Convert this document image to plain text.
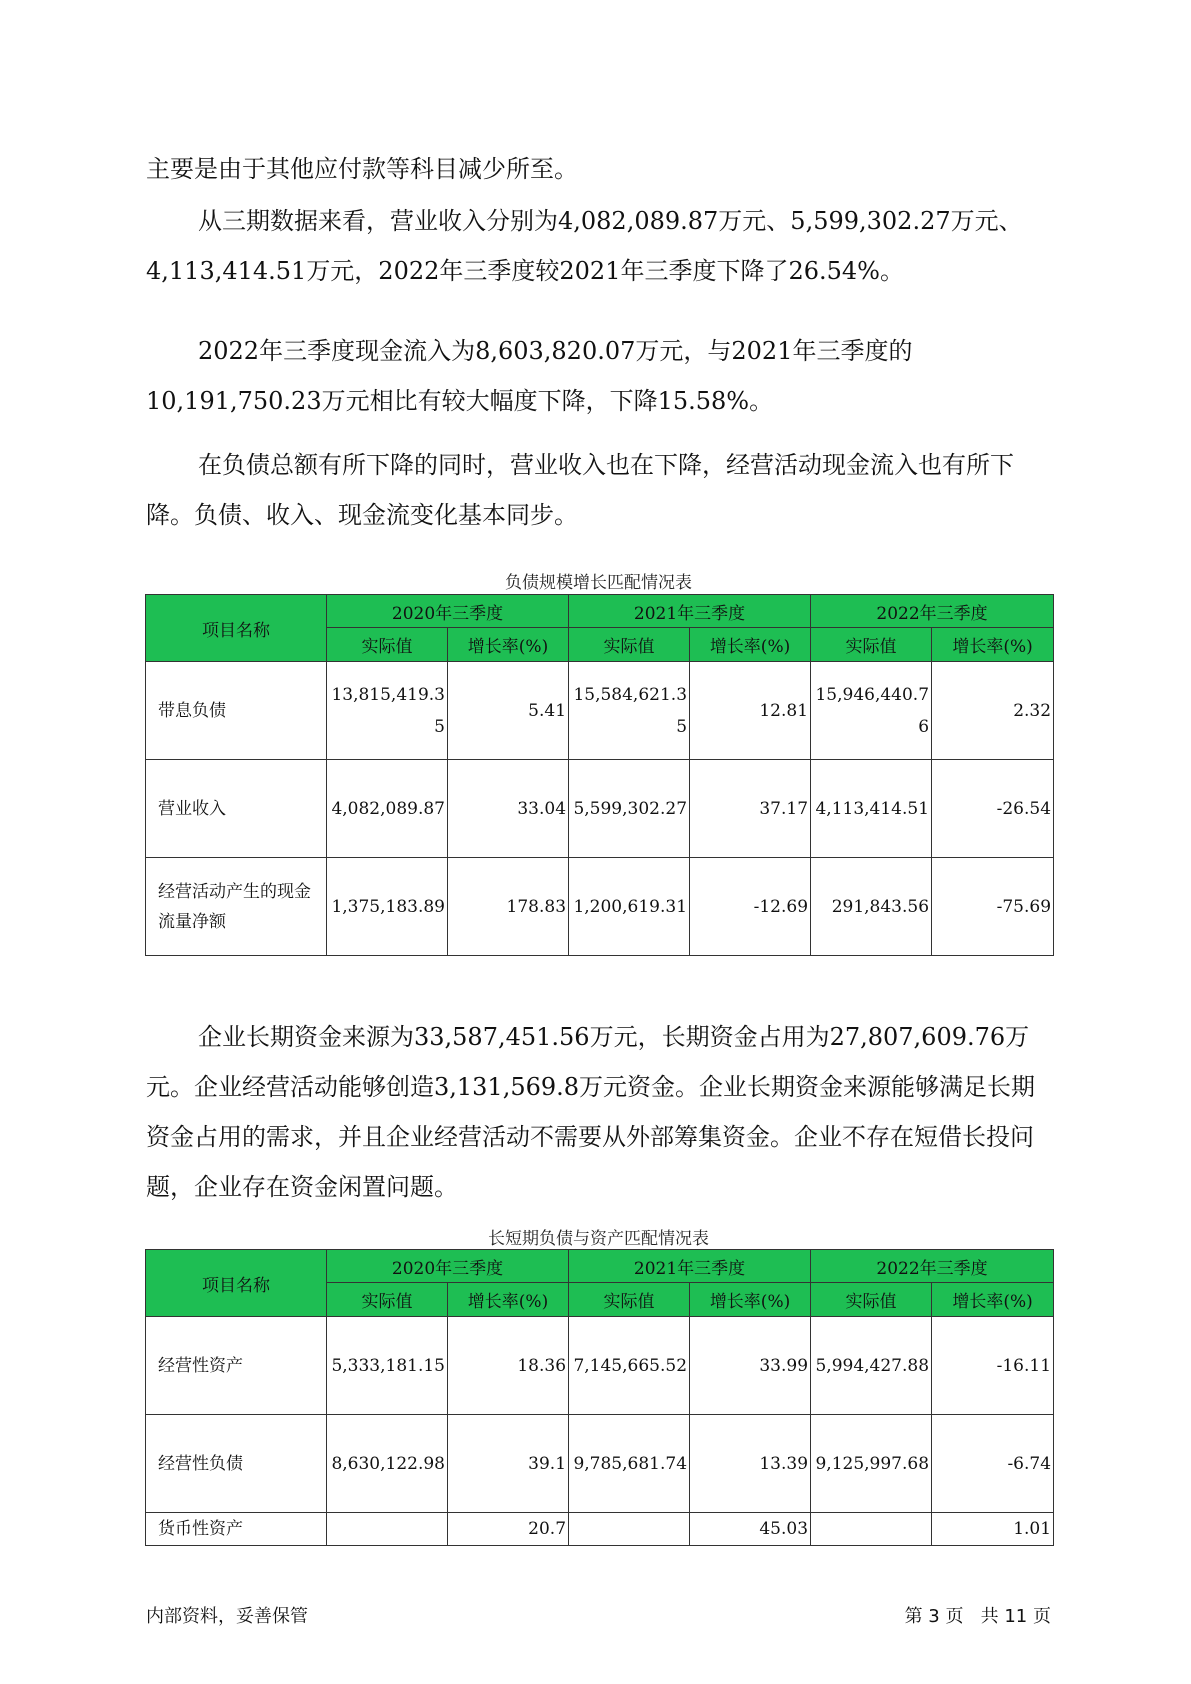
主要是由于其他应付款等科目减少所至。

从三期数据来看，营业收入分别为4,082,089.87万元、5,599,302.27万元、4,113,414.51万元，2022年三季度较2021年三季度下降了26.54%。

2022年三季度现金流入为8,603,820.07万元，与2021年三季度的10,191,750.23万元相比有较大幅度下降，下降15.58%。

在负债总额有所下降的同时，营业收入也在下降，经营活动现金流入也有所下降。负债、收入、现金流变化基本同步。

负债规模增长匹配情况表
项目名称	2020年三季度		2021年三季度		2022年三季度	
	实际值	增长率(%)	实际值	增长率(%)	实际值	增长率(%)
带息负债	13,815,419.35	5.41	15,584,621.35	12.81	15,946,440.76	2.32
营业收入	4,082,089.87	33.04	5,599,302.27	37.17	4,113,414.51	-26.54
经营活动产生的现金流量净额	1,375,183.89	178.83	1,200,619.31	-12.69	291,843.56	-75.69

企业长期资金来源为33,587,451.56万元，长期资金占用为27,807,609.76万元。企业经营活动能够创造3,131,569.8万元资金。企业长期资金来源能够满足长期资金占用的需求，并且企业经营活动不需要从外部筹集资金。企业不存在短借长投问题，企业存在资金闲置问题。

长短期负债与资产匹配情况表
项目名称	2020年三季度		2021年三季度		2022年三季度	
	实际值	增长率(%)	实际值	增长率(%)	实际值	增长率(%)
经营性资产	5,333,181.15	18.36	7,145,665.52	33.99	5,994,427.88	-16.11
经营性负债	8,630,122.98	39.1	9,785,681.74	13.39	9,125,997.68	-6.74
货币性资产		20.7		45.03		1.01
内部资料，妥善保管	第 3 页   共 11 页
